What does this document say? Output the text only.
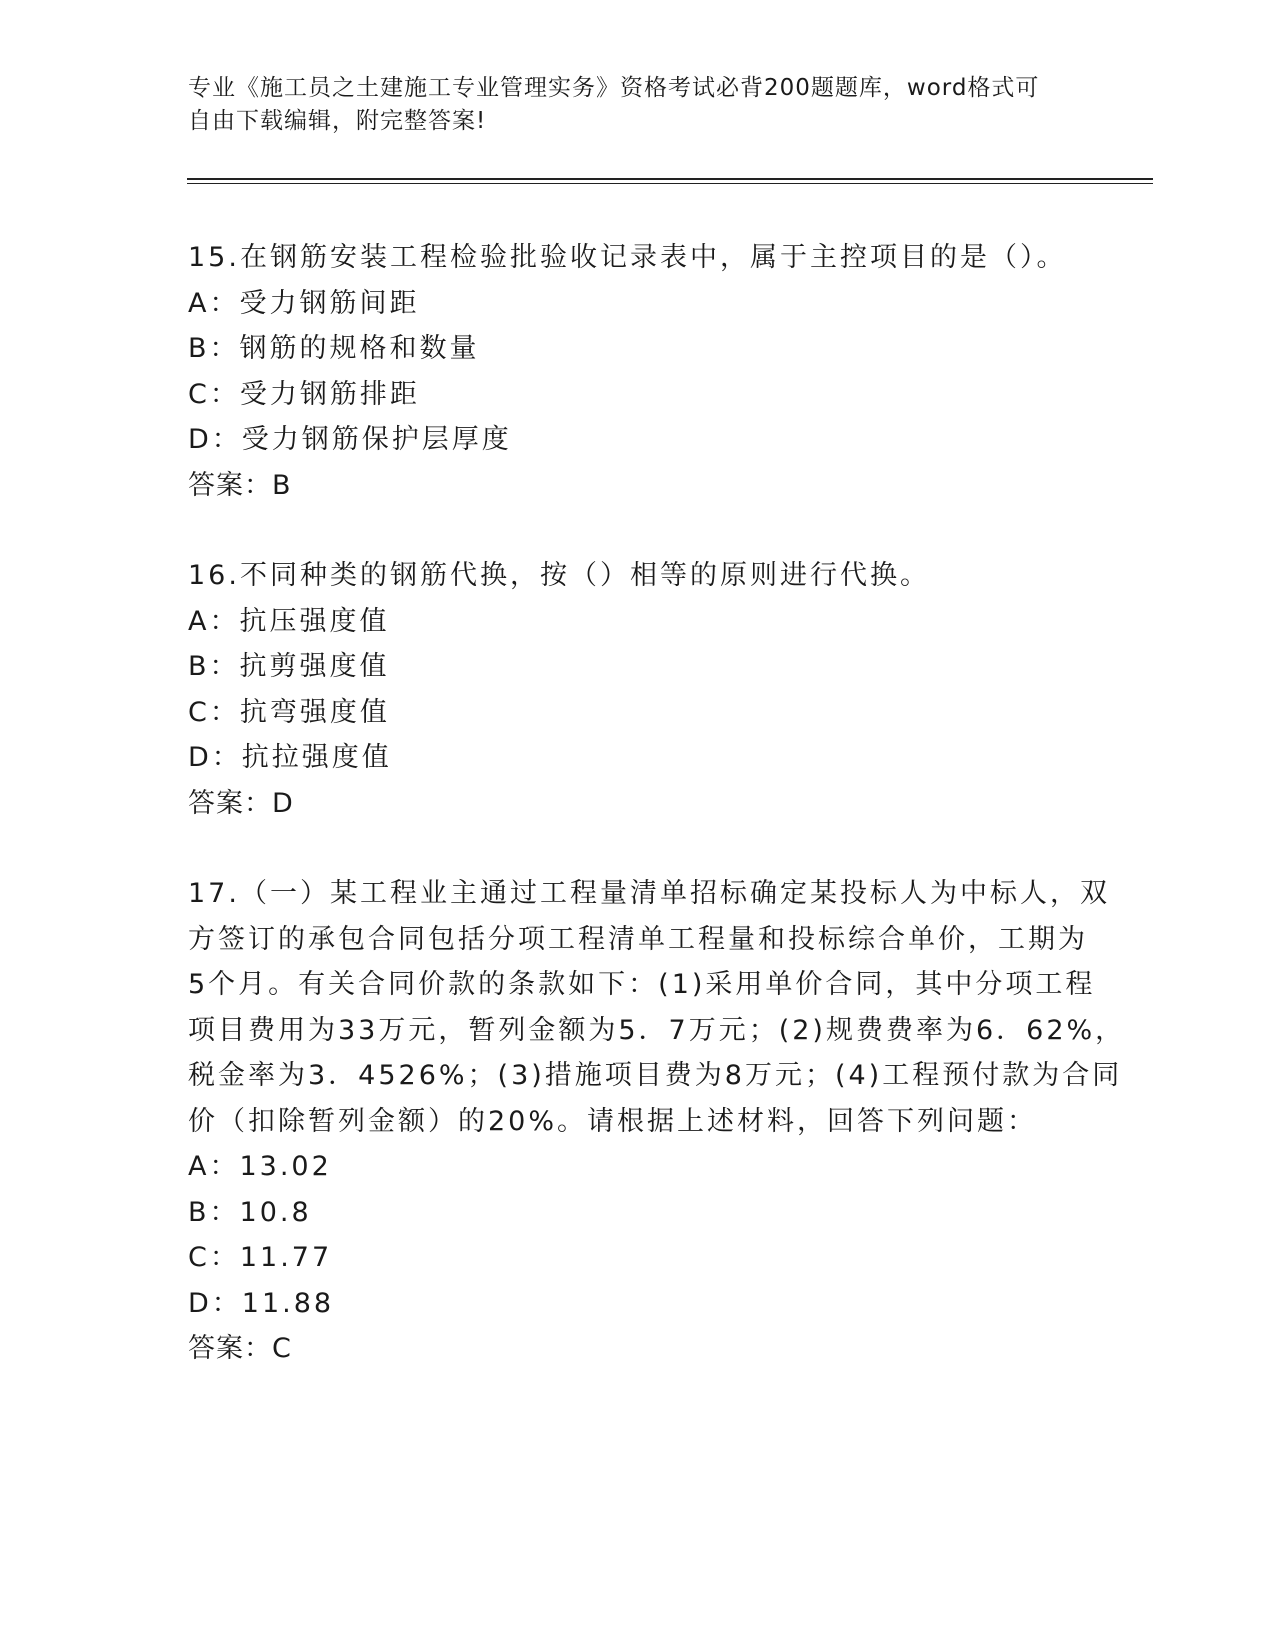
专业《施工员之土建施工专业管理实务》资格考试必背200题题库，word格式可
自由下载编辑，附完整答案!
15.在钢筋安装工程检验批验收记录表中，属于主控项目的是（）。
A：受力钢筋间距
B：钢筋的规格和数量
C：受力钢筋排距
D：受力钢筋保护层厚度
答案：B
16.不同种类的钢筋代换，按（）相等的原则进行代换。
A：抗压强度值
B：抗剪强度值
C：抗弯强度值
D：抗拉强度值
答案：D
17.（一）某工程业主通过工程量清单招标确定某投标人为中标人，双
方签订的承包合同包括分项工程清单工程量和投标综合单价，工期为
5个月。有关合同价款的条款如下：(1)采用单价合同，其中分项工程
项目费用为33万元，暂列金额为5．7万元；(2)规费费率为6．62%，
税金率为3．4526%；(3)措施项目费为8万元；(4)工程预付款为合同
价（扣除暂列金额）的20%。请根据上述材料，回答下列问题：
A：13.02
B：10.8
C：11.77
D：11.88
答案：C
